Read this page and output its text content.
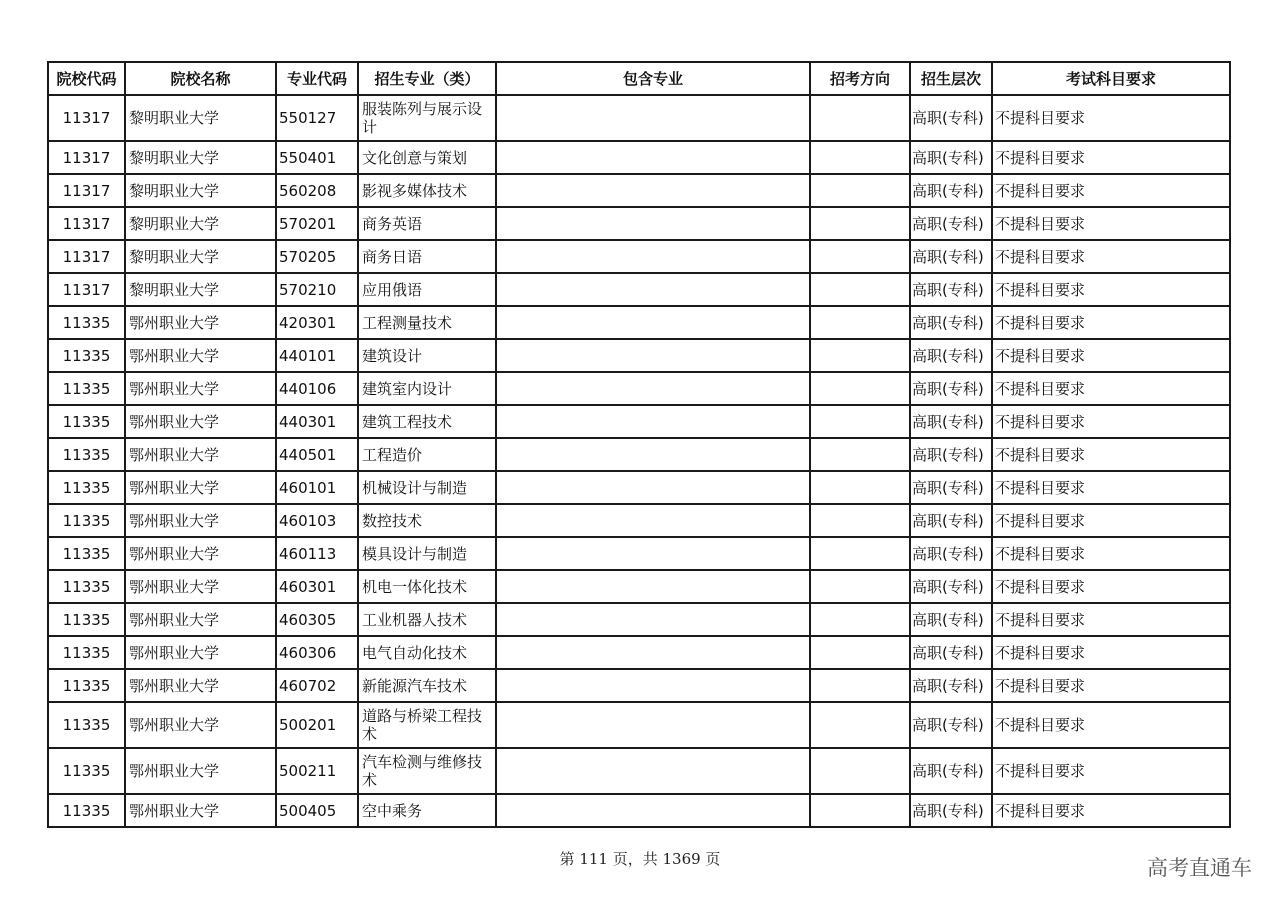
院校代码	院校名称	专业代码	招生专业（类）	包含专业	招考方向	招生层次	考试科目要求
11317	黎明职业大学	550127	服装陈列与展示设计			高职(专科)	不提科目要求
11317	黎明职业大学	550401	文化创意与策划			高职(专科)	不提科目要求
11317	黎明职业大学	560208	影视多媒体技术			高职(专科)	不提科目要求
11317	黎明职业大学	570201	商务英语			高职(专科)	不提科目要求
11317	黎明职业大学	570205	商务日语			高职(专科)	不提科目要求
11317	黎明职业大学	570210	应用俄语			高职(专科)	不提科目要求
11335	鄂州职业大学	420301	工程测量技术			高职(专科)	不提科目要求
11335	鄂州职业大学	440101	建筑设计			高职(专科)	不提科目要求
11335	鄂州职业大学	440106	建筑室内设计			高职(专科)	不提科目要求
11335	鄂州职业大学	440301	建筑工程技术			高职(专科)	不提科目要求
11335	鄂州职业大学	440501	工程造价			高职(专科)	不提科目要求
11335	鄂州职业大学	460101	机械设计与制造			高职(专科)	不提科目要求
11335	鄂州职业大学	460103	数控技术			高职(专科)	不提科目要求
11335	鄂州职业大学	460113	模具设计与制造			高职(专科)	不提科目要求
11335	鄂州职业大学	460301	机电一体化技术			高职(专科)	不提科目要求
11335	鄂州职业大学	460305	工业机器人技术			高职(专科)	不提科目要求
11335	鄂州职业大学	460306	电气自动化技术			高职(专科)	不提科目要求
11335	鄂州职业大学	460702	新能源汽车技术			高职(专科)	不提科目要求
11335	鄂州职业大学	500201	道路与桥梁工程技术			高职(专科)	不提科目要求
11335	鄂州职业大学	500211	汽车检测与维修技术			高职(专科)	不提科目要求
11335	鄂州职业大学	500405	空中乘务			高职(专科)	不提科目要求
第 111 页，共 1369 页	高考直通车
